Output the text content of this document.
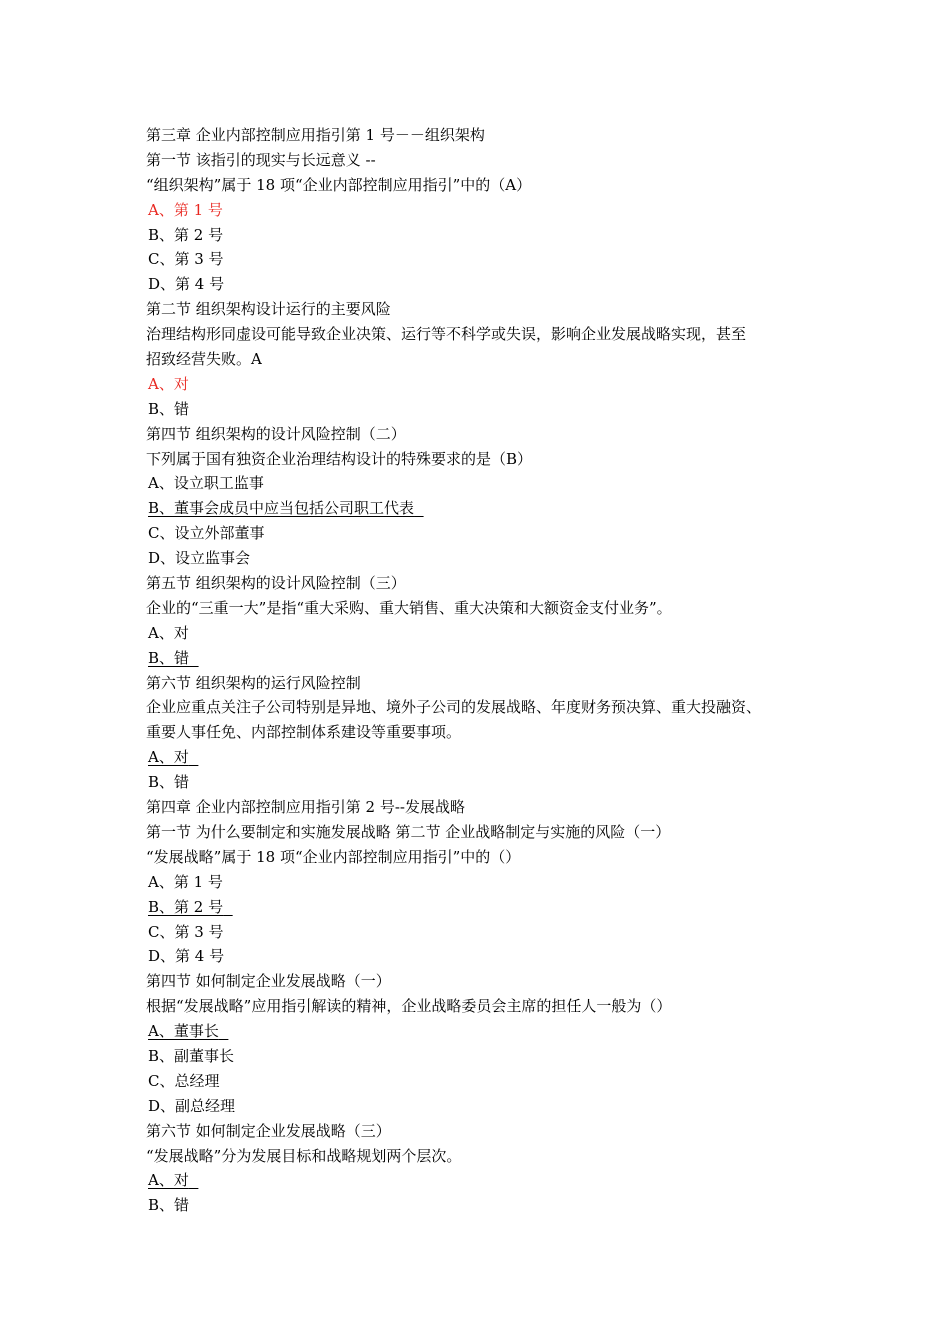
第三章 企业内部控制应用指引第 1 号－－组织架构
第一节 该指引的现实与长远意义 --
“组织架构”属于 18 项“企业内部控制应用指引”中的（A）
A、第 1 号
B、第 2 号
C、第 3 号
D、第 4 号
第二节 组织架构设计运行的主要风险
治理结构形同虚设可能导致企业决策、运行等不科学或失误，影响企业发展战略实现，甚至
招致经营失败。A
A、对
B、错
第四节 组织架构的设计风险控制（二）
下列属于国有独资企业治理结构设计的特殊要求的是（B）
A、设立职工监事
B、董事会成员中应当包括公司职工代表
C、设立外部董事
D、设立监事会
第五节 组织架构的设计风险控制（三）
企业的“三重一大”是指“重大采购、重大销售、重大决策和大额资金支付业务”。
A、对
B、错
第六节 组织架构的运行风险控制
企业应重点关注子公司特别是异地、境外子公司的发展战略、年度财务预决算、重大投融资、
重要人事任免、内部控制体系建设等重要事项。
A、对
B、错
第四章 企业内部控制应用指引第 2 号--发展战略
第一节 为什么要制定和实施发展战略 第二节 企业战略制定与实施的风险（一）
“发展战略”属于 18 项“企业内部控制应用指引”中的（）
A、第 1 号
B、第 2 号
C、第 3 号
D、第 4 号
第四节 如何制定企业发展战略（一）
根据“发展战略”应用指引解读的精神，企业战略委员会主席的担任人一般为（）
A、董事长
B、副董事长
C、总经理
D、副总经理
第六节 如何制定企业发展战略（三）
“发展战略”分为发展目标和战略规划两个层次。
A、对
B、错
